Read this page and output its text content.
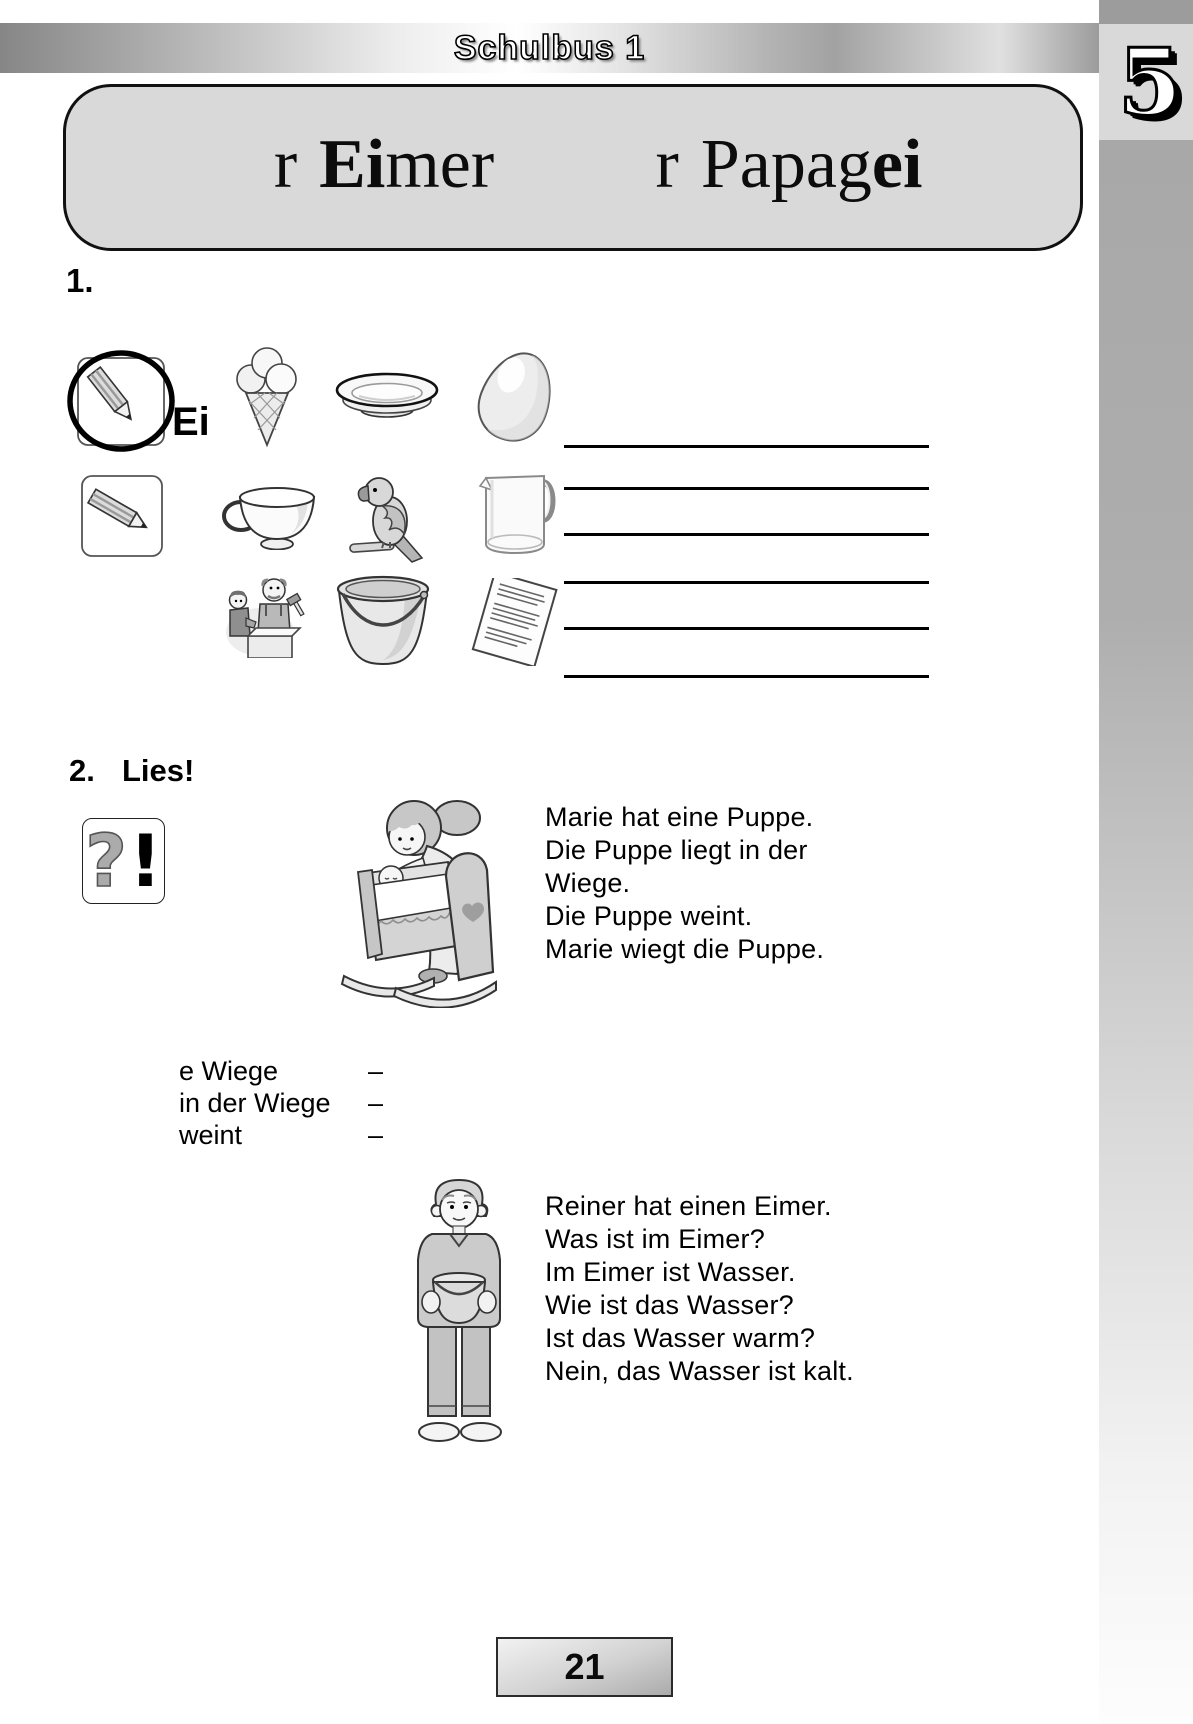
Schulbus 1	5
r Eimer r Papagei
1.
Ei
2. Lies!
? !
Marie hat eine Puppe.
Die Puppe liegt in der
Wiege.
Die Puppe weint.
Marie wiegt die Puppe.
e Wiege	–
in der Wiege –
weint	–
Reiner hat einen Eimer.
Was ist im Eimer?
Im Eimer ist Wasser.
Wie ist das Wasser?
Ist das Wasser warm?
Nein, das Wasser ist kalt.
21
